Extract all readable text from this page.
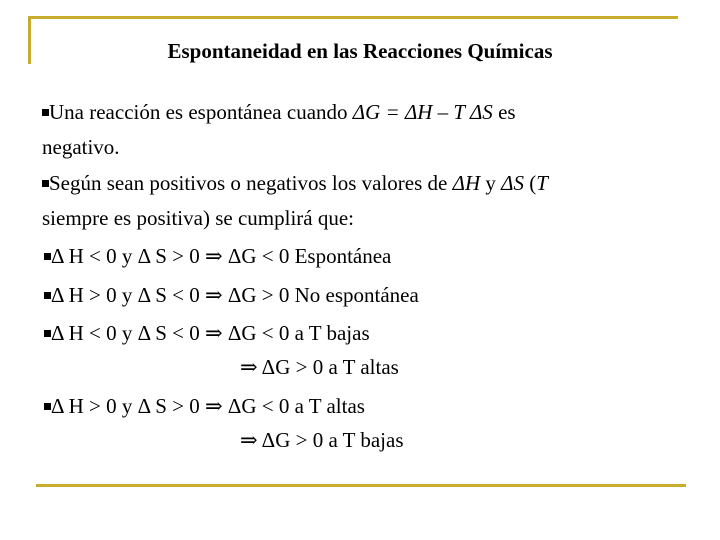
Espontaneidad en las Reacciones Químicas
Una reacción es espontánea cuando ΔG = ΔH – T ΔS es
negativo.
Según sean positivos o negativos los valores de ΔH y ΔS (T
siempre es positiva) se cumplirá que:
Δ H < 0 y Δ S > 0 ⇒ ΔG < 0 Espontánea
Δ H > 0 y Δ S < 0 ⇒ ΔG > 0 No espontánea
Δ H < 0 y Δ S < 0 ⇒ ΔG < 0 a T bajas
⇒ ΔG > 0 a T altas
Δ H > 0 y Δ S > 0 ⇒ ΔG < 0 a T altas
⇒ ΔG > 0 a T bajas
